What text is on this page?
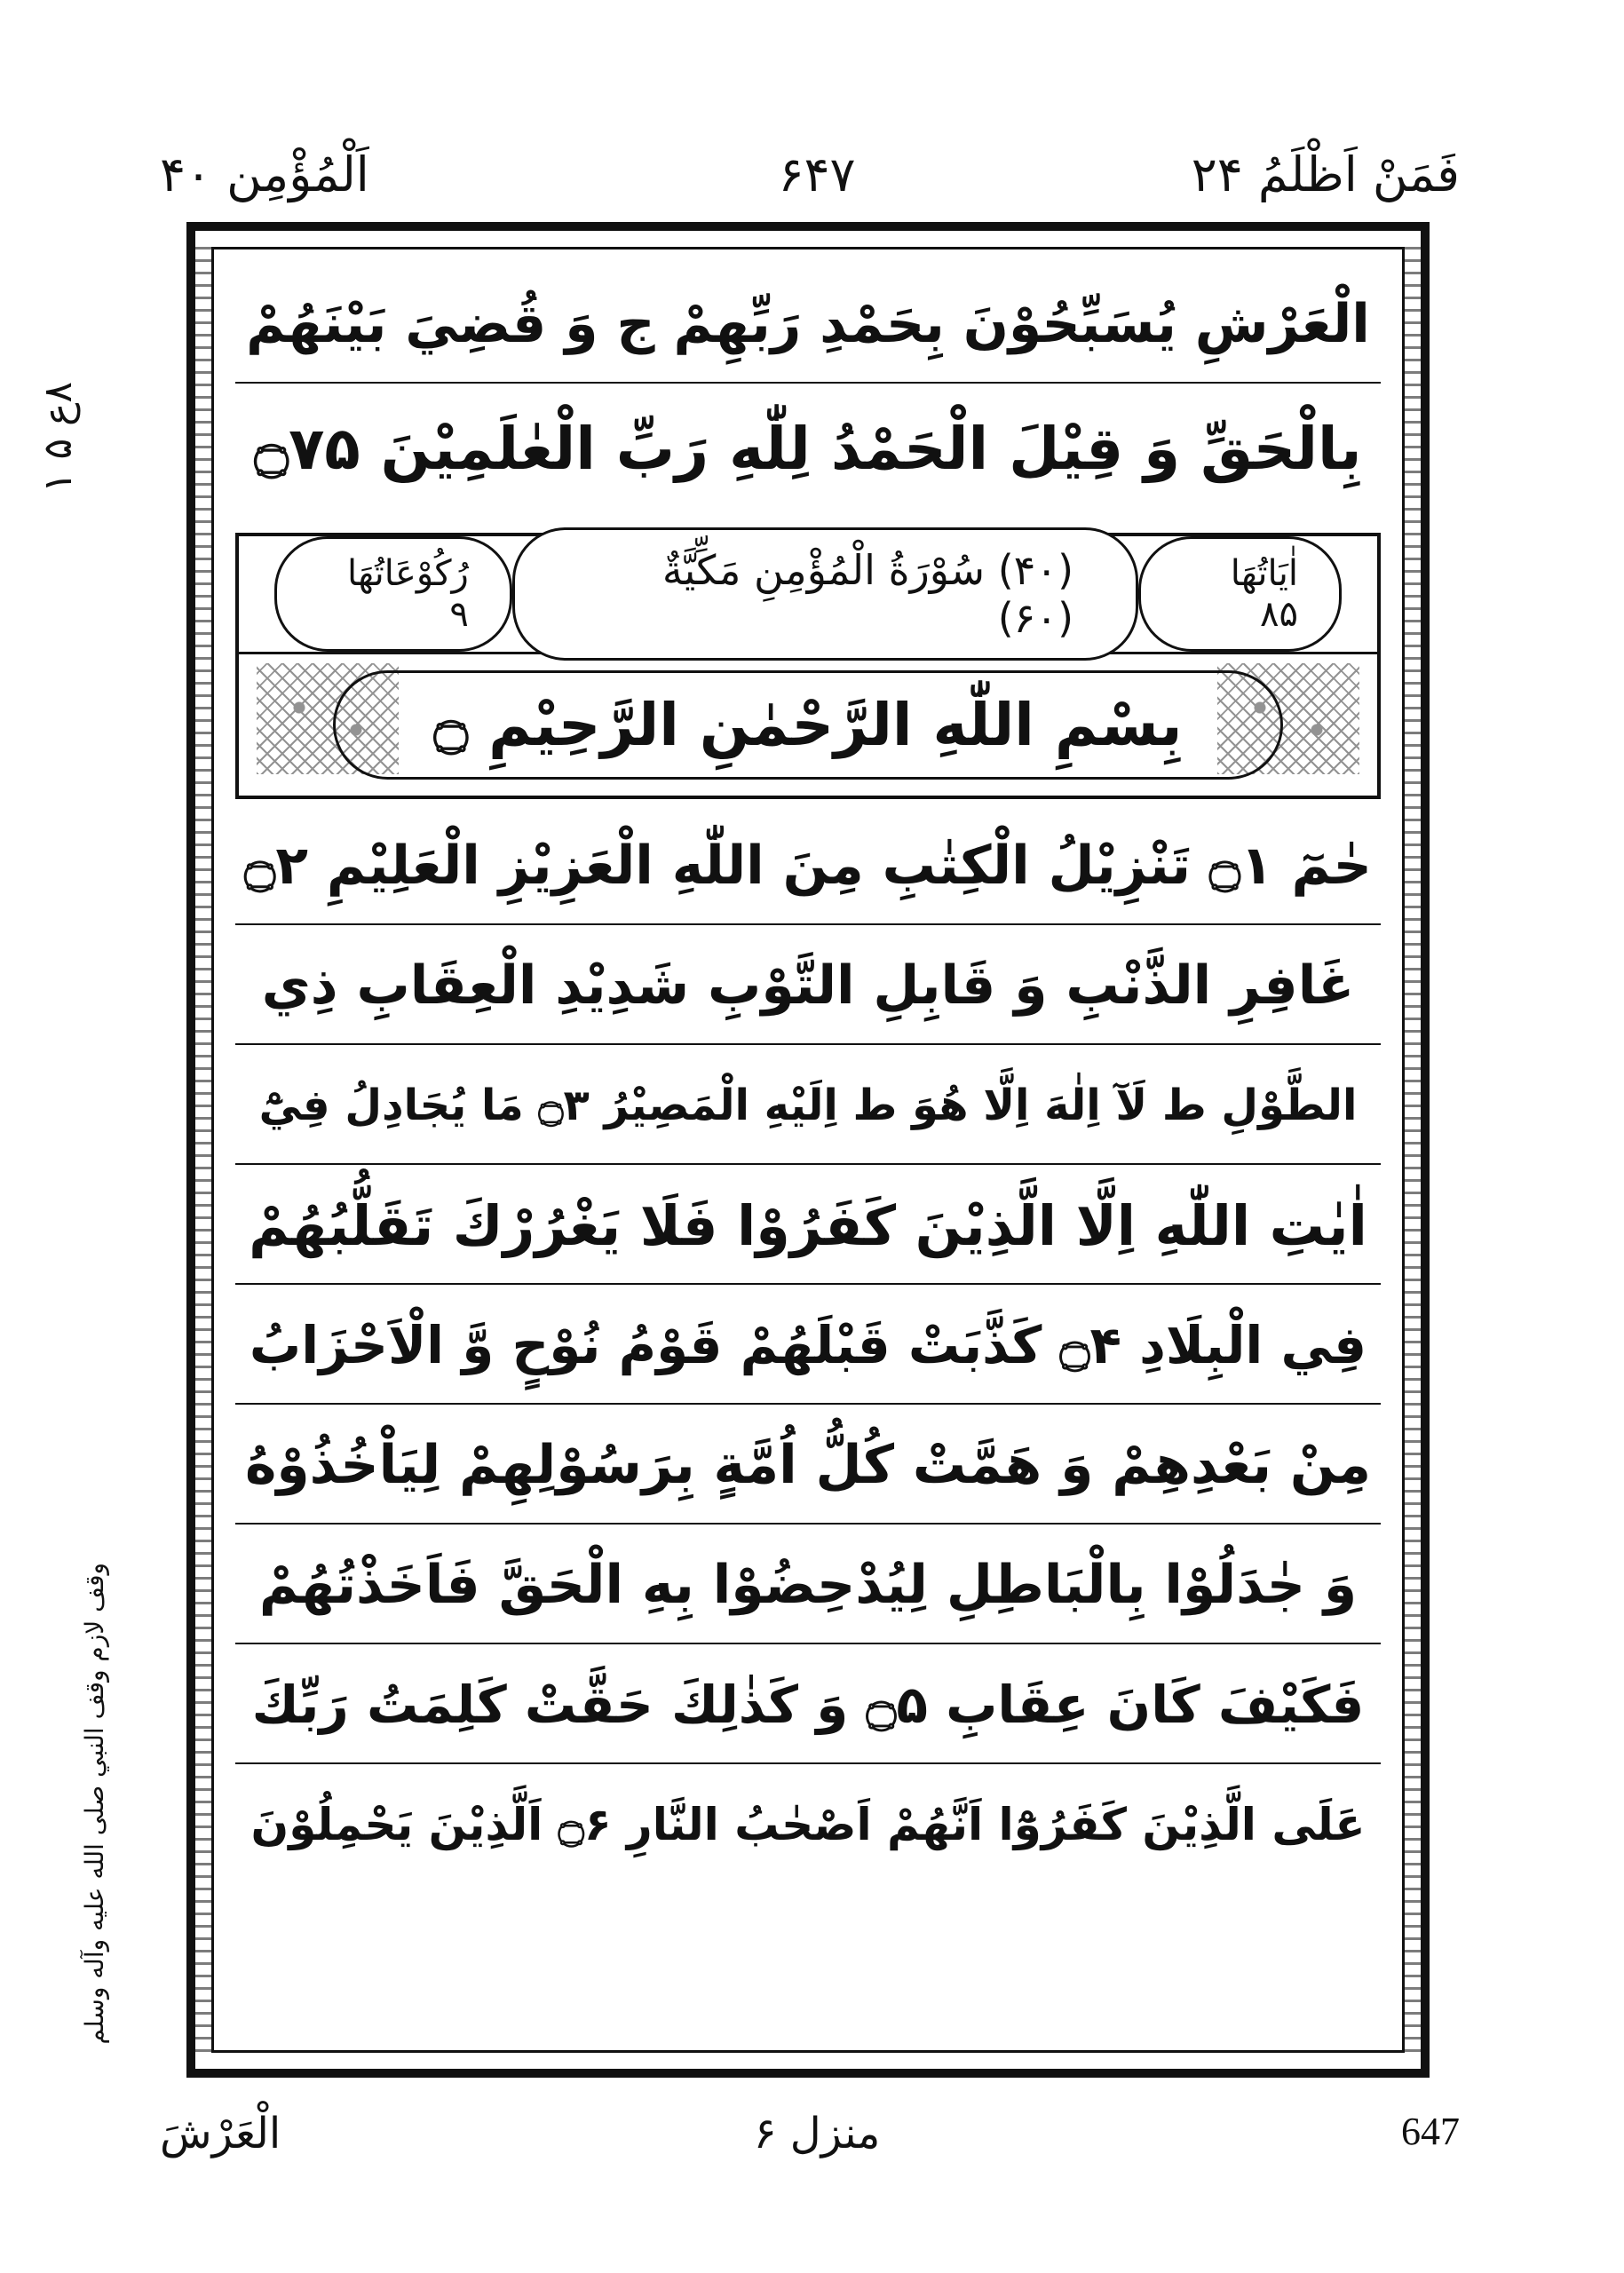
اَلْمُؤْمِن ۴۰	۶۴۷	فَمَنْ اَظْلَمُ ۲۴
۸ع ۵ ۱
وقف لازم وقف النبي صلى الله عليه وآله وسلم
الْعَرْشِ يُسَبِّحُوْنَ بِحَمْدِ رَبِّهِمْ ج وَ قُضِيَ بَيْنَهُمْ
بِالْحَقِّ وَ قِيْلَ الْحَمْدُ لِلّٰهِ رَبِّ الْعٰلَمِيْنَ ۝۷۵
اٰيَاتُهَا ۸۵
(۴۰) سُوْرَةُ الْمُؤْمِنِ مَكِّيَّةٌ (۶۰)
رُكُوْعَاتُهَا ۹
بِسْمِ اللّٰهِ الرَّحْمٰنِ الرَّحِيْمِ ۝
حٰمٓ ۝۱ تَنْزِيْلُ الْكِتٰبِ مِنَ اللّٰهِ الْعَزِيْزِ الْعَلِيْمِ ۝۲
غَافِرِ الذَّنْبِ وَ قَابِلِ التَّوْبِ شَدِيْدِ الْعِقَابِ ذِي
الطَّوْلِ ط لَآ اِلٰهَ اِلَّا هُوَ ط اِلَيْهِ الْمَصِيْرُ ۝۳ مَا يُجَادِلُ فِيْٓ
اٰيٰتِ اللّٰهِ اِلَّا الَّذِيْنَ كَفَرُوْا فَلَا يَغْرُرْكَ تَقَلُّبُهُمْ
فِي الْبِلَادِ ۝۴ كَذَّبَتْ قَبْلَهُمْ قَوْمُ نُوْحٍ وَّ الْاَحْزَابُ
مِنْ بَعْدِهِمْ وَ هَمَّتْ كُلُّ اُمَّةٍ بِرَسُوْلِهِمْ لِيَاْخُذُوْهُ
وَ جٰدَلُوْا بِالْبَاطِلِ لِيُدْحِضُوْا بِهِ الْحَقَّ فَاَخَذْتُهُمْ
فَكَيْفَ كَانَ عِقَابِ ۝۵ وَ كَذٰلِكَ حَقَّتْ كَلِمَتُ رَبِّكَ
عَلَى الَّذِيْنَ كَفَرُوْٓا اَنَّهُمْ اَصْحٰبُ النَّارِ ۝۶ اَلَّذِيْنَ يَحْمِلُوْنَ
الْعَرْشَ	منزل ۶	647
